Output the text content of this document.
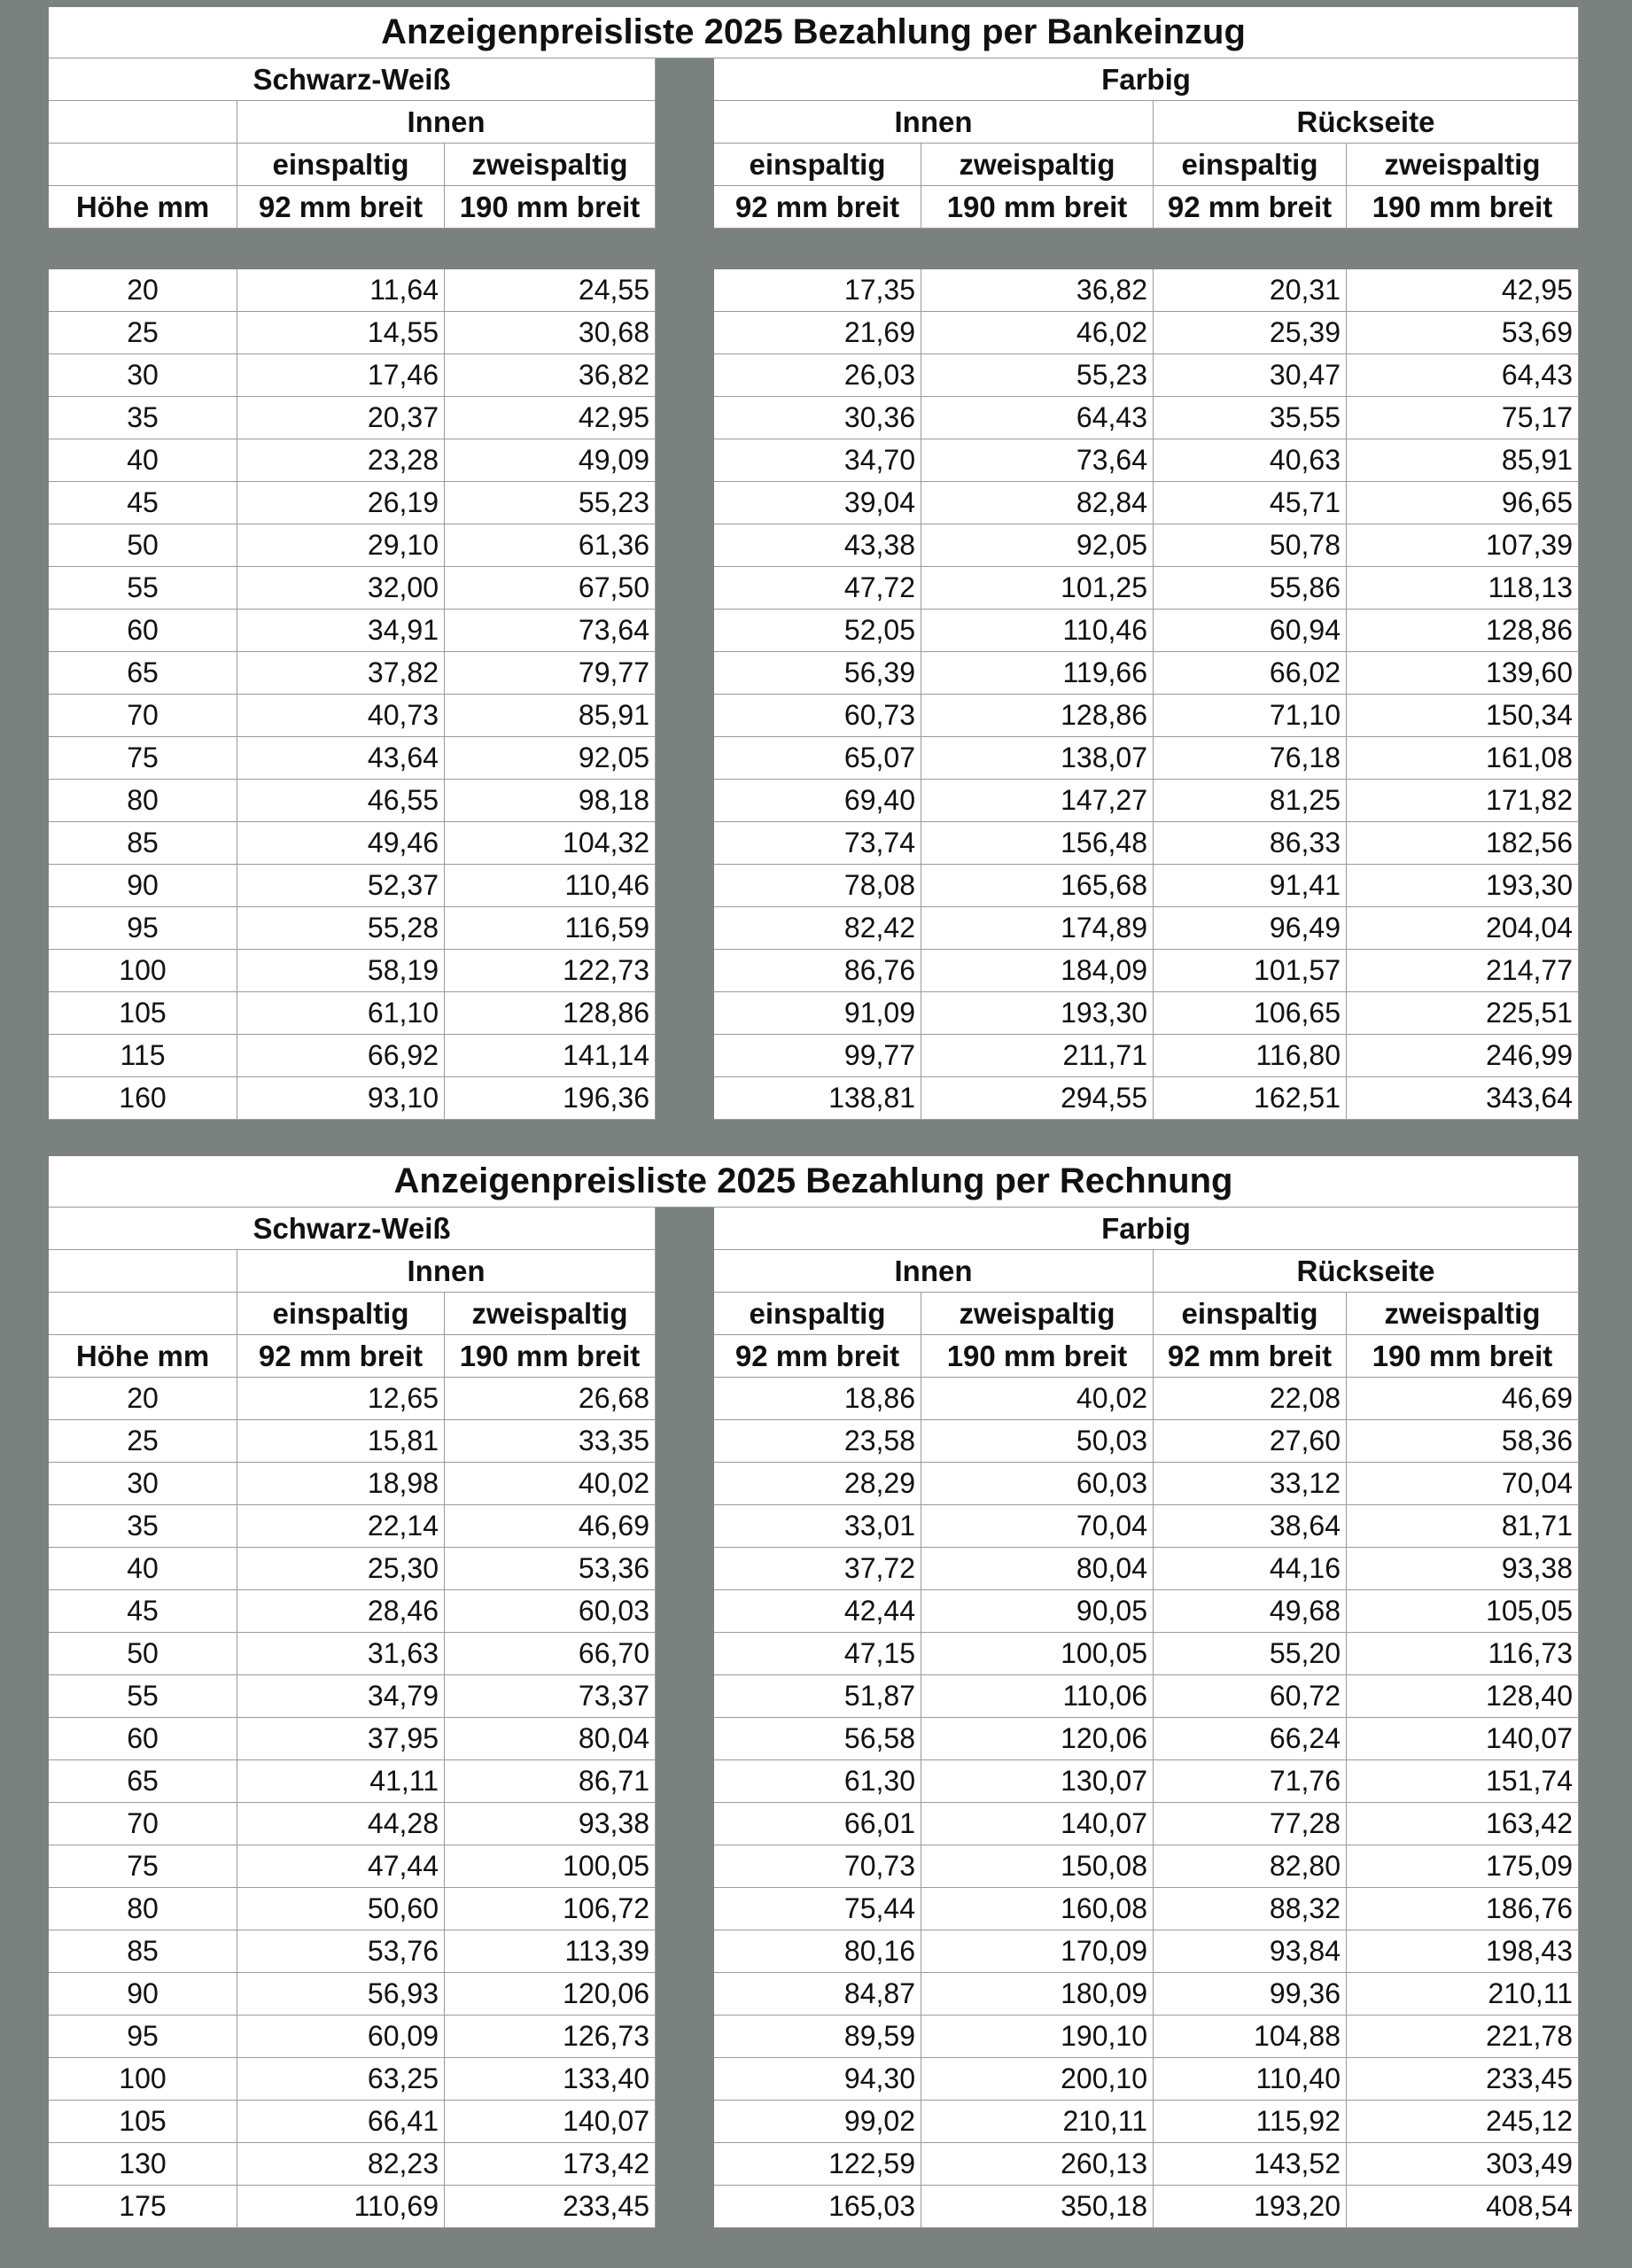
Anzeigenpreisliste 2025 Bezahlung per Bankeinzug
Schwarz-Weiß	Farbig
Innen	Innen	Rückseite
einspaltig	zweispaltig	einspaltig	zweispaltig	einspaltig	zweispaltig
Höhe mm	92 mm breit	190 mm breit	92 mm breit	190 mm breit	92 mm breit	190 mm breit
20	11,64	24,55	17,35	36,82	20,31	42,95
25	14,55	30,68	21,69	46,02	25,39	53,69
30	17,46	36,82	26,03	55,23	30,47	64,43
35	20,37	42,95	30,36	64,43	35,55	75,17
40	23,28	49,09	34,70	73,64	40,63	85,91
45	26,19	55,23	39,04	82,84	45,71	96,65
50	29,10	61,36	43,38	92,05	50,78	107,39
55	32,00	67,50	47,72	101,25	55,86	118,13
60	34,91	73,64	52,05	110,46	60,94	128,86
65	37,82	79,77	56,39	119,66	66,02	139,60
70	40,73	85,91	60,73	128,86	71,10	150,34
75	43,64	92,05	65,07	138,07	76,18	161,08
80	46,55	98,18	69,40	147,27	81,25	171,82
85	49,46	104,32	73,74	156,48	86,33	182,56
90	52,37	110,46	78,08	165,68	91,41	193,30
95	55,28	116,59	82,42	174,89	96,49	204,04
100	58,19	122,73	86,76	184,09	101,57	214,77
105	61,10	128,86	91,09	193,30	106,65	225,51
115	66,92	141,14	99,77	211,71	116,80	246,99
160	93,10	196,36	138,81	294,55	162,51	343,64
Anzeigenpreisliste 2025 Bezahlung per Rechnung
Schwarz-Weiß	Farbig
Innen	Innen	Rückseite
einspaltig	zweispaltig	einspaltig	zweispaltig	einspaltig	zweispaltig
Höhe mm	92 mm breit	190 mm breit	92 mm breit	190 mm breit	92 mm breit	190 mm breit
20	12,65	26,68	18,86	40,02	22,08	46,69
25	15,81	33,35	23,58	50,03	27,60	58,36
30	18,98	40,02	28,29	60,03	33,12	70,04
35	22,14	46,69	33,01	70,04	38,64	81,71
40	25,30	53,36	37,72	80,04	44,16	93,38
45	28,46	60,03	42,44	90,05	49,68	105,05
50	31,63	66,70	47,15	100,05	55,20	116,73
55	34,79	73,37	51,87	110,06	60,72	128,40
60	37,95	80,04	56,58	120,06	66,24	140,07
65	41,11	86,71	61,30	130,07	71,76	151,74
70	44,28	93,38	66,01	140,07	77,28	163,42
75	47,44	100,05	70,73	150,08	82,80	175,09
80	50,60	106,72	75,44	160,08	88,32	186,76
85	53,76	113,39	80,16	170,09	93,84	198,43
90	56,93	120,06	84,87	180,09	99,36	210,11
95	60,09	126,73	89,59	190,10	104,88	221,78
100	63,25	133,40	94,30	200,10	110,40	233,45
105	66,41	140,07	99,02	210,11	115,92	245,12
130	82,23	173,42	122,59	260,13	143,52	303,49
175	110,69	233,45	165,03	350,18	193,20	408,54
